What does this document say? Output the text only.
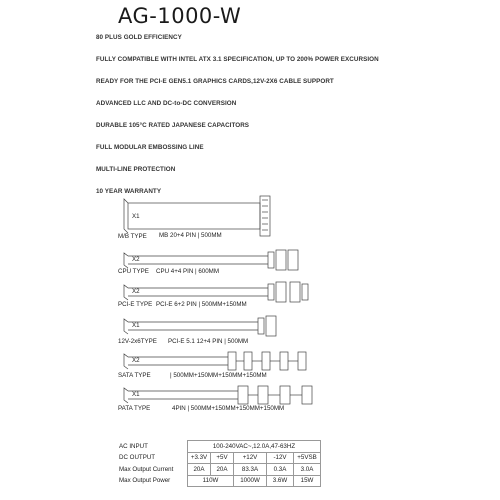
AG-1000-W
80 PLUS GOLD EFFICIENCY
FULLY COMPATIBLE WITH INTEL ATX 3.1 SPECIFICATION, UP TO 200% POWER EXCURSION
READY FOR THE PCI-E GEN5.1 GRAPHICS CARDS,12V-2X6 CABLE SUPPORT
ADVANCED LLC AND DC-to-DC CONVERSION
DURABLE 105°C RATED JAPANESE CAPACITORS
FULL MODULAR EMBOSSING LINE
MULTI-LINE PROTECTION
10 YEAR WARRANTY
X1
X2
X2
X1
X2
X1
M/B TYPE MB 20+4 PIN | 500MM
CPU TYPE CPU 4+4 PIN | 600MM
PCI-E TYPE PCI-E 6+2 PIN | 500MM+150MM
12V-2x6TYPE PCI-E 5.1 12+4 PIN | 500MM
SATA TYPE	| 500MM+150MM+150MM+150MM
PATA TYPE	4PIN | 500MM+150MM+150MM+150MM
AC INPUT	100-240VAC~,12.0A,47-63HZ				
DC OUTPUT	+3.3V	+5V	+12V	-12V	+5VSB
Max Output Current	20A	20A	83.3A	0.3A	3.0A
Max Output Power	110W		1000W	3.6W	15W
